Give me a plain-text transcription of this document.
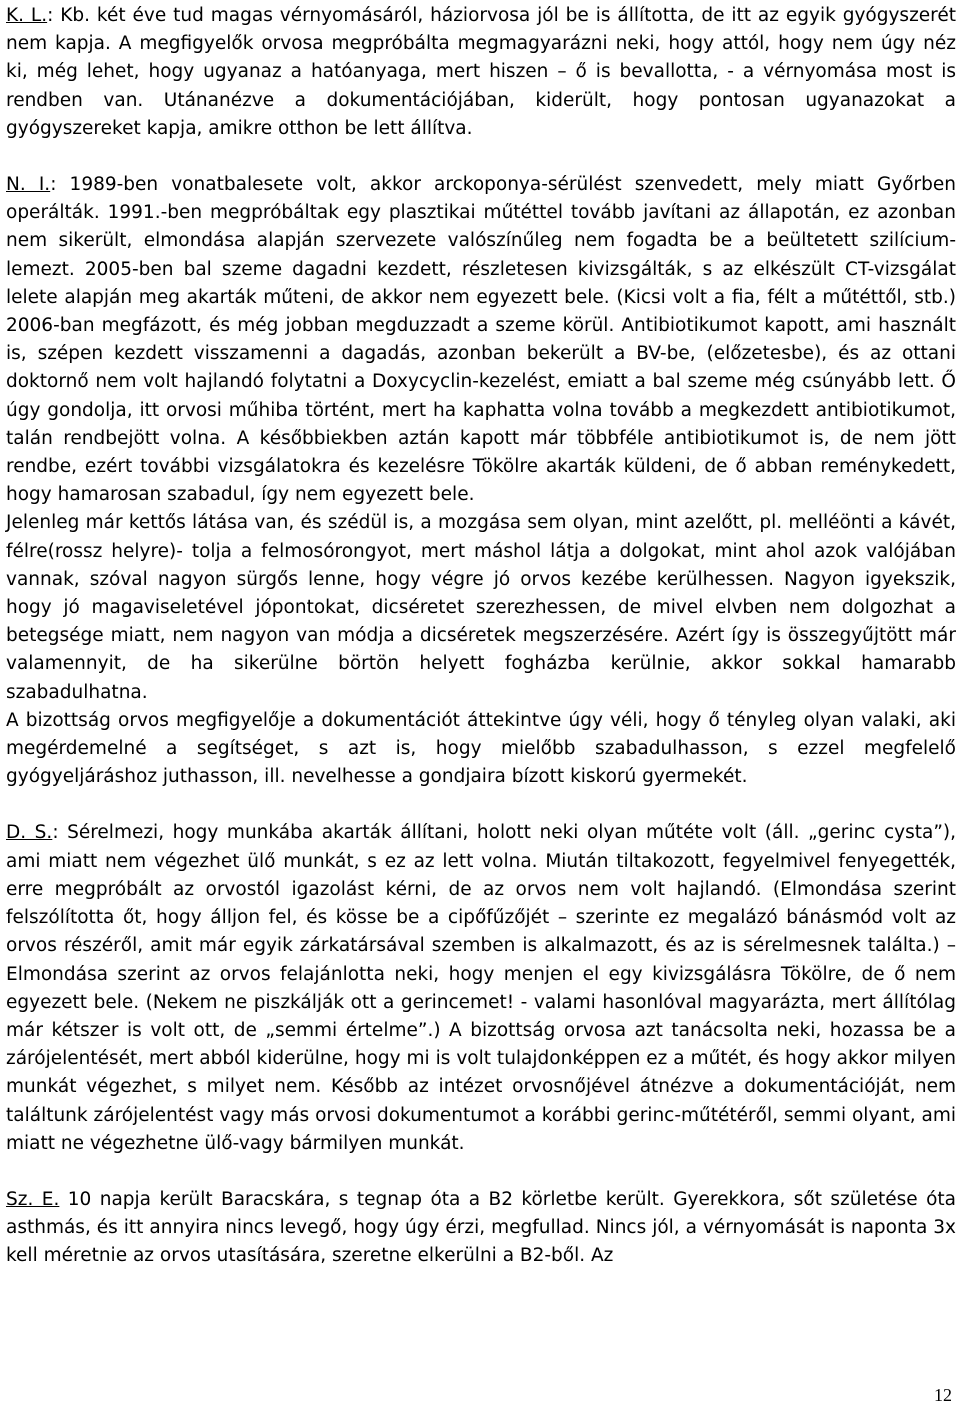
K. L.: Kb. két éve tud magas vérnyomásáról, háziorvosa jól be is állította, de itt az egyik gyógyszerét nem kapja. A megfigyelők orvosa megpróbálta megmagyarázni neki, hogy attól, hogy nem úgy néz ki, még lehet, hogy ugyanaz a hatóanyaga, mert hiszen – ő is bevallotta, - a vérnyomása most is rendben van. Utánanézve a dokumentációjában, kiderült, hogy pontosan ugyanazokat a gyógyszereket kapja, amikre otthon be lett állítva.

N. I.: 1989-ben vonatbalesete volt, akkor arckoponya-sérülést szenvedett, mely miatt Győrben operálták. 1991.-ben megpróbáltak egy plasztikai műtéttel tovább javítani az állapotán, ez azonban nem sikerült, elmondása alapján szervezete valószínűleg nem fogadta be a beültetett szilícium-lemezt. 2005-ben bal szeme dagadni kezdett, részletesen kivizsgálták, s az elkészült CT-vizsgálat lelete alapján meg akarták műteni, de akkor nem egyezett bele. (Kicsi volt a fia, félt a műtéttől, stb.) 2006-ban megfázott, és még jobban megduzzadt a szeme körül. Antibiotikumot kapott, ami használt is, szépen kezdett visszamenni a dagadás, azonban bekerült a BV-be, (előzetesbe), és az ottani doktornő nem volt hajlandó folytatni a Doxycyclin-kezelést, emiatt a bal szeme még csúnyább lett. Ő úgy gondolja, itt orvosi műhiba történt, mert ha kaphatta volna tovább a megkezdett antibiotikumot, talán rendbejött volna. A későbbiekben aztán kapott már többféle antibiotikumot is, de nem jött rendbe, ezért további vizsgálatokra és kezelésre Tökölre akarták küldeni, de ő abban reménykedett, hogy hamarosan szabadul, így nem egyezett bele.

Jelenleg már kettős látása van, és szédül is, a mozgása sem olyan, mint azelőtt, pl. melléönti a kávét, félre(rossz helyre)- tolja a felmosórongyot, mert máshol látja a dolgokat, mint ahol azok valójában vannak, szóval nagyon sürgős lenne, hogy végre jó orvos kezébe kerülhessen. Nagyon igyekszik, hogy jó magaviseletével jópontokat, dicséretet szerezhessen, de mivel elvben nem dolgozhat a betegsége miatt, nem nagyon van módja a dicséretek megszerzésére. Azért így is összegyűjtött már valamennyit, de ha sikerülne börtön helyett fogházba kerülnie, akkor sokkal hamarabb szabadulhatna.

A bizottság orvos megfigyelője a dokumentációt áttekintve úgy véli, hogy ő tényleg olyan valaki, aki megérdemelné a segítséget, s azt is, hogy mielőbb szabadulhasson, s ezzel megfelelő gyógyeljáráshoz juthasson, ill. nevelhesse a gondjaira bízott kiskorú gyermekét.

D. S.: Sérelmezi, hogy munkába akarták állítani, holott neki olyan műtéte volt (áll. „gerinc cysta”), ami miatt nem végezhet ülő munkát, s ez az lett volna. Miután tiltakozott, fegyelmivel fenyegették, erre megpróbált az orvostól igazolást kérni, de az orvos nem volt hajlandó. (Elmondása szerint felszólította őt, hogy álljon fel, és kösse be a cipőfűzőjét – szerinte ez megalázó bánásmód volt az orvos részéről, amit már egyik zárkatársával szemben is alkalmazott, és az is sérelmesnek találta.) – Elmondása szerint az orvos felajánlotta neki, hogy menjen el egy kivizsgálásra Tökölre, de ő nem egyezett bele. (Nekem ne piszkálják ott a gerincemet! - valami hasonlóval magyarázta, mert állítólag már kétszer is volt ott, de „semmi értelme”.) A bizottság orvosa azt tanácsolta neki, hozassa be a zárójelentését, mert abból kiderülne, hogy mi is volt tulajdonképpen ez a műtét, és hogy akkor milyen munkát végezhet, s milyet nem. Később az intézet orvosnőjével átnézve a dokumentációját, nem találtunk zárójelentést vagy más orvosi dokumentumot a korábbi gerinc-műtétéről, semmi olyant, ami miatt ne végezhetne ülő-vagy bármilyen munkát.

Sz. E. 10 napja került Baracskára, s tegnap óta a B2 körletbe került. Gyerekkora, sőt születése óta asthmás, és itt annyira nincs levegő, hogy úgy érzi, megfullad. Nincs jól, a vérnyomását is naponta 3x kell méretnie az orvos utasítására, szeretne elkerülni a B2-ből. Az

12
